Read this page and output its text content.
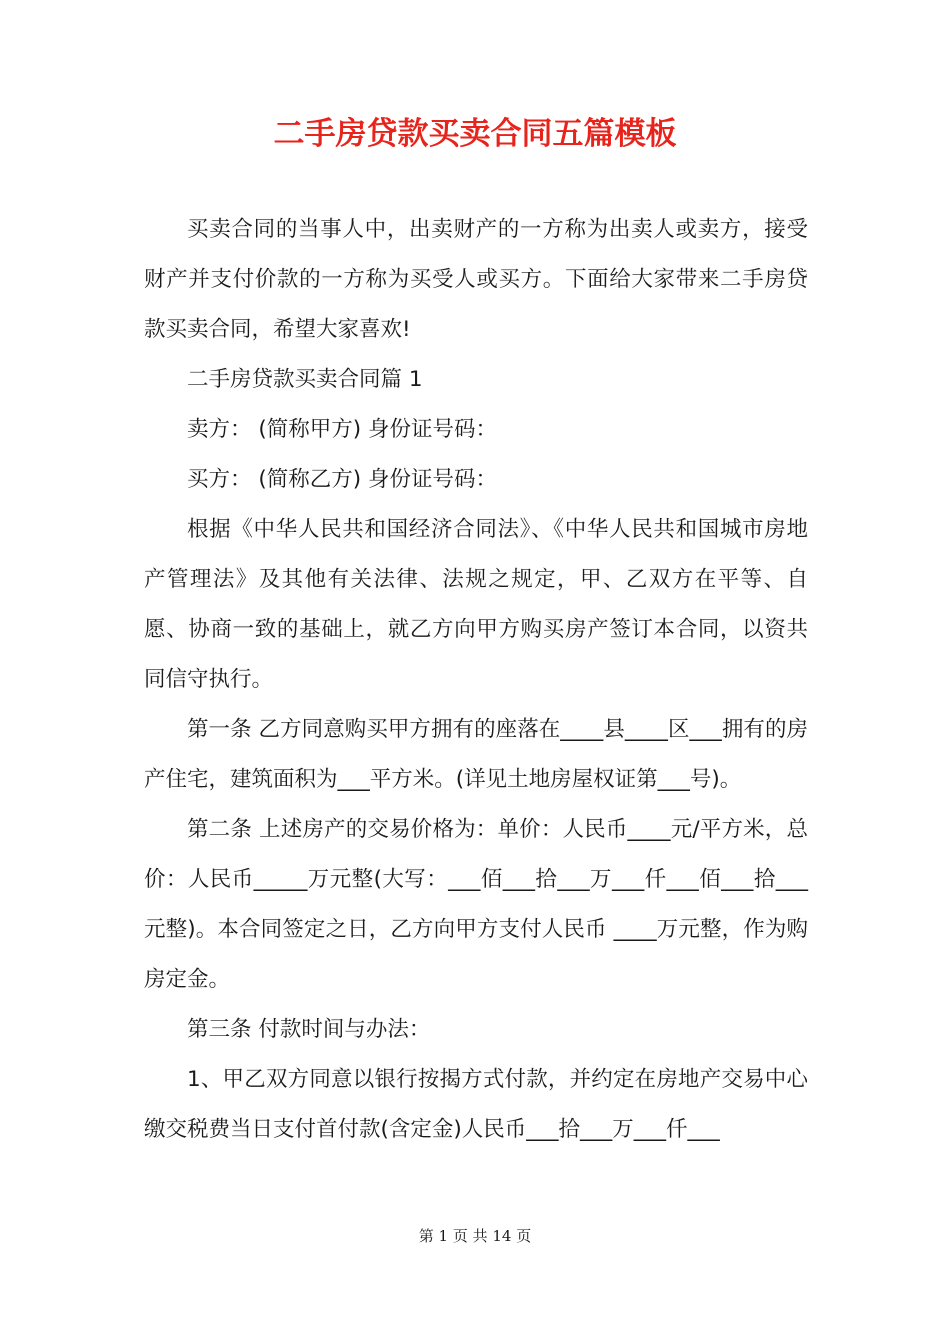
二手房贷款买卖合同五篇模板

买卖合同的当事人中，出卖财产的一方称为出卖人或卖方，接受财产并支付价款的一方称为买受人或买方。下面给大家带来二手房贷款买卖合同，希望大家喜欢!

二手房贷款买卖合同篇 1

卖方： (简称甲方) 身份证号码：

买方： (简称乙方) 身份证号码：

根据《中华人民共和国经济合同法》、《中华人民共和国城市房地产管理法》及其他有关法律、法规之规定，甲、乙双方在平等、自愿、协商一致的基础上，就乙方向甲方购买房产签订本合同，以资共同信守执行。

第一条 乙方同意购买甲方拥有的座落在____县____区___拥有的房产住宅，建筑面积为___平方米。(详见土地房屋权证第___号)。

第二条 上述房产的交易价格为：单价：人民币____元/平方米，总价：人民币_____万元整(大写：___佰___拾___万___仟___佰___拾___元整)。本合同签定之日，乙方向甲方支付人民币 ____万元整，作为购房定金。

第三条 付款时间与办法：

1、甲乙双方同意以银行按揭方式付款，并约定在房地产交易中心缴交税费当日支付首付款(含定金)人民币___拾___万___仟___

第 1 页 共 14 页
